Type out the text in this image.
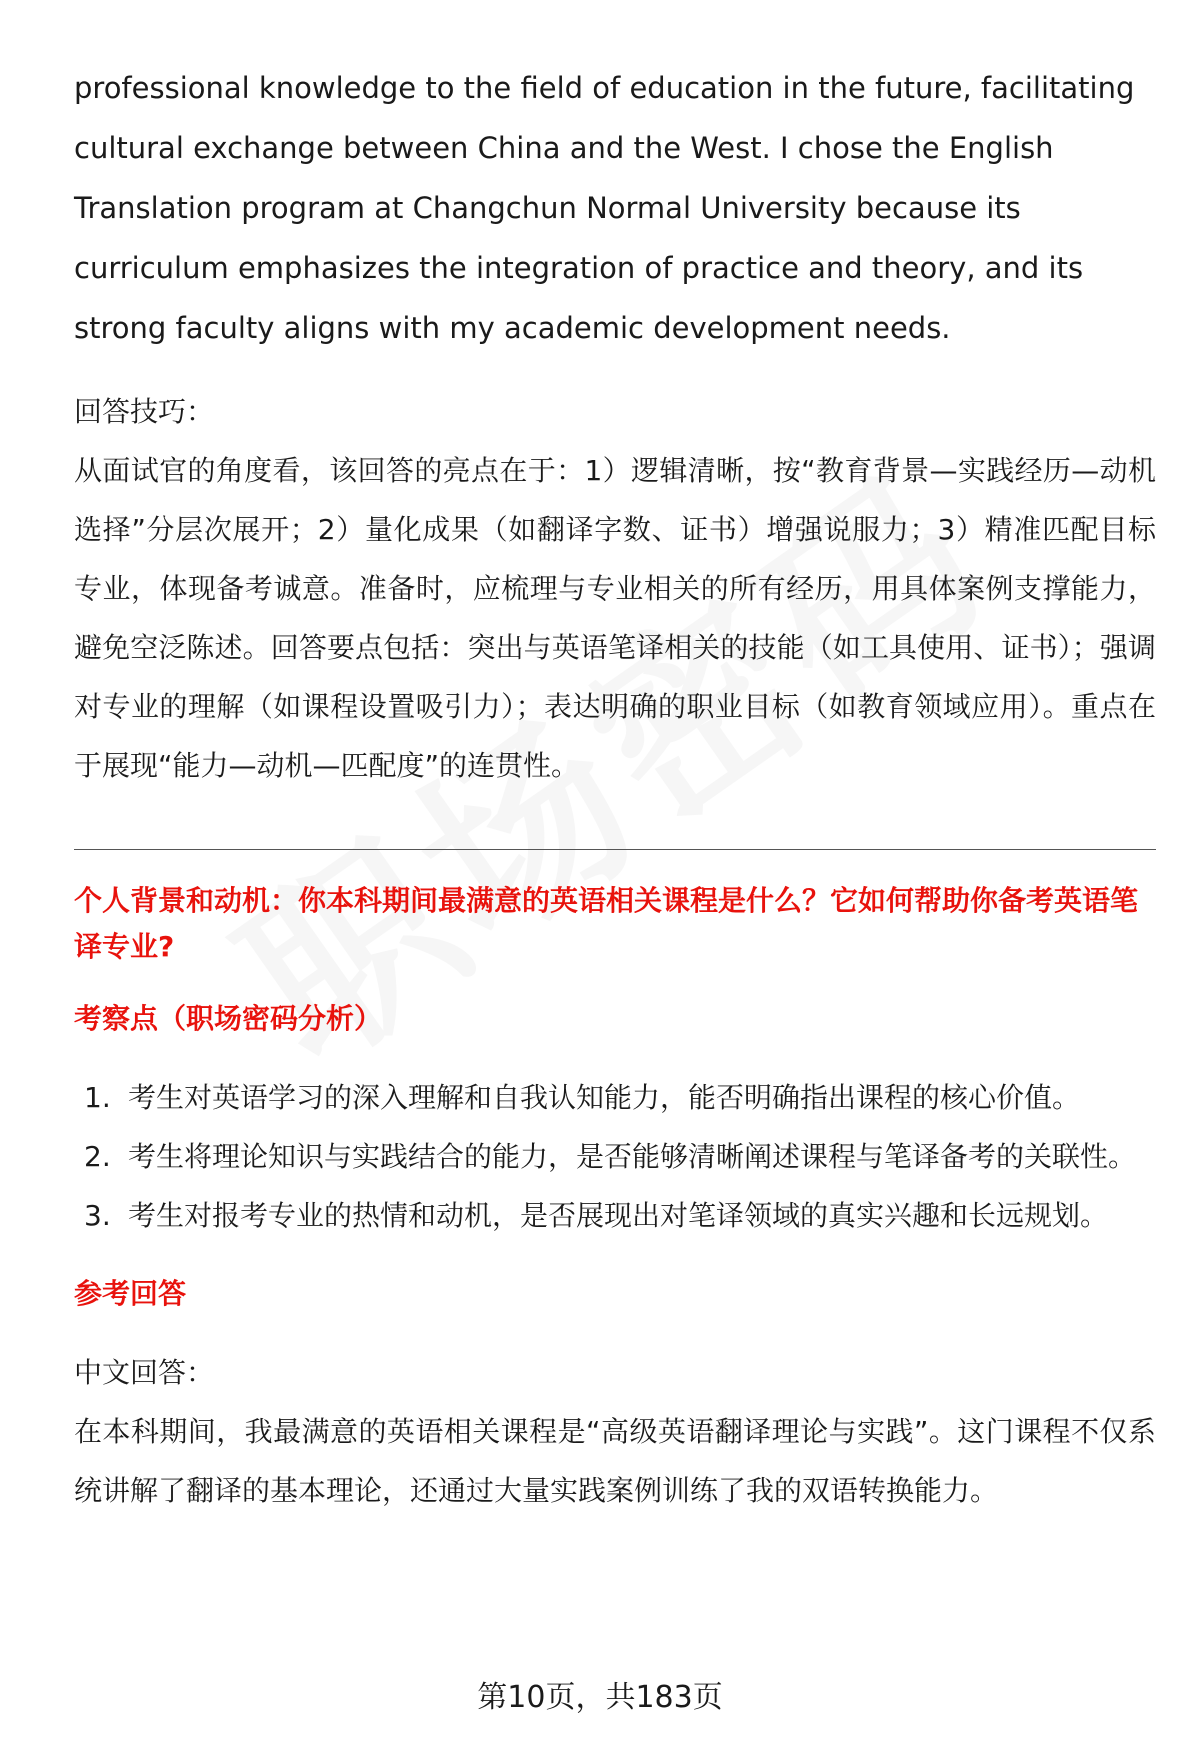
professional knowledge to the field of education in the future, facilitating cultural exchange between China and the West. I chose the English Translation program at Changchun Normal University because its curriculum emphasizes the integration of practice and theory, and its strong faculty aligns with my academic development needs.

回答技巧：

从面试官的角度看，该回答的亮点在于：1）逻辑清晰，按“教育背景—实践经历—动机选择”分层次展开；2）量化成果（如翻译字数、证书）增强说服力；3）精准匹配目标专业，体现备考诚意。准备时，应梳理与专业相关的所有经历，用具体案例支撑能力，避免空泛陈述。回答要点包括：突出与英语笔译相关的技能（如工具使用、证书）；强调对专业的理解（如课程设置吸引力）；表达明确的职业目标（如教育领域应用）。重点在于展现“能力—动机—匹配度”的连贯性。

个人背景和动机：你本科期间最满意的英语相关课程是什么？它如何帮助你备考英语笔译专业?

考察点（职场密码分析）

1. 考生对英语学习的深入理解和自我认知能力，能否明确指出课程的核心价值。
2. 考生将理论知识与实践结合的能力，是否能够清晰阐述课程与笔译备考的关联性。
3. 考生对报考专业的热情和动机，是否展现出对笔译领域的真实兴趣和长远规划。

参考回答

中文回答：

在本科期间，我最满意的英语相关课程是“高级英语翻译理论与实践”。这门课程不仅系统讲解了翻译的基本理论，还通过大量实践案例训练了我的双语转换能力。

第10页，共183页
